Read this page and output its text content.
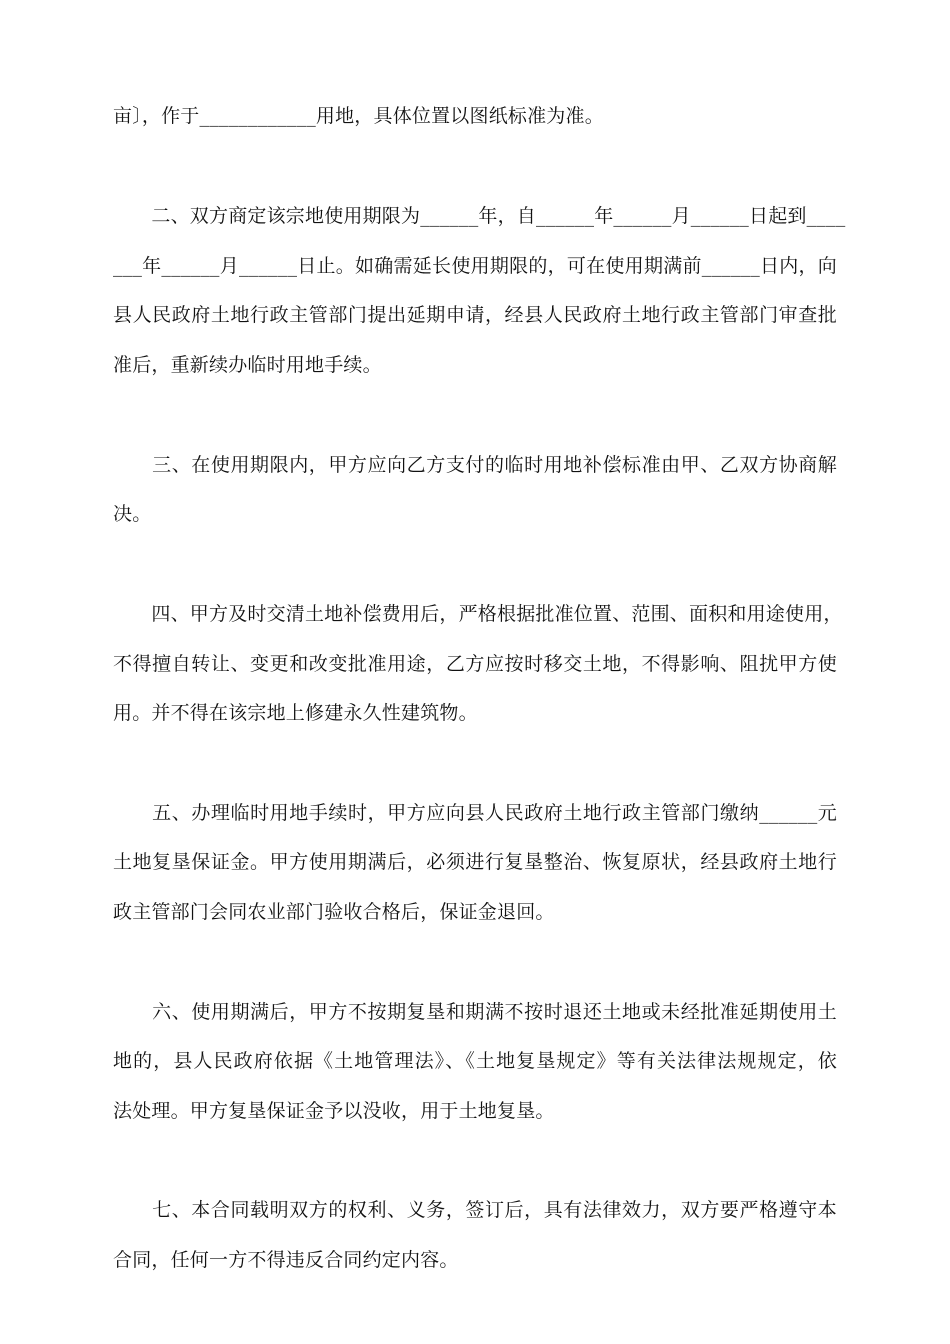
亩〕，作于____________用地，具体位置以图纸标准为准。
　　二、双方商定该宗地使用期限为______年，自______年______月______日起到____
___年______月______日止。如确需延长使用期限的，可在使用期满前______日内，向
县人民政府土地行政主管部门提出延期申请，经县人民政府土地行政主管部门审查批
准后，重新续办临时用地手续。
　　三、在使用期限内，甲方应向乙方支付的临时用地补偿标准由甲、乙双方协商解
决。
　　四、甲方及时交清土地补偿费用后，严格根据批准位置、范围、面积和用途使用，
不得擅自转让、变更和改变批准用途，乙方应按时移交土地，不得影响、阻扰甲方使
用。并不得在该宗地上修建永久性建筑物。
　　五、办理临时用地手续时，甲方应向县人民政府土地行政主管部门缴纳______元
土地复垦保证金。甲方使用期满后，必须进行复垦整治、恢复原状，经县政府土地行
政主管部门会同农业部门验收合格后，保证金退回。
　　六、使用期满后，甲方不按期复垦和期满不按时退还土地或未经批准延期使用土
地的，县人民政府依据《土地管理法》、《土地复垦规定》等有关法律法规规定，依
法处理。甲方复垦保证金予以没收，用于土地复垦。
　　七、本合同载明双方的权利、义务，签订后，具有法律效力，双方要严格遵守本
合同，任何一方不得违反合同约定内容。
